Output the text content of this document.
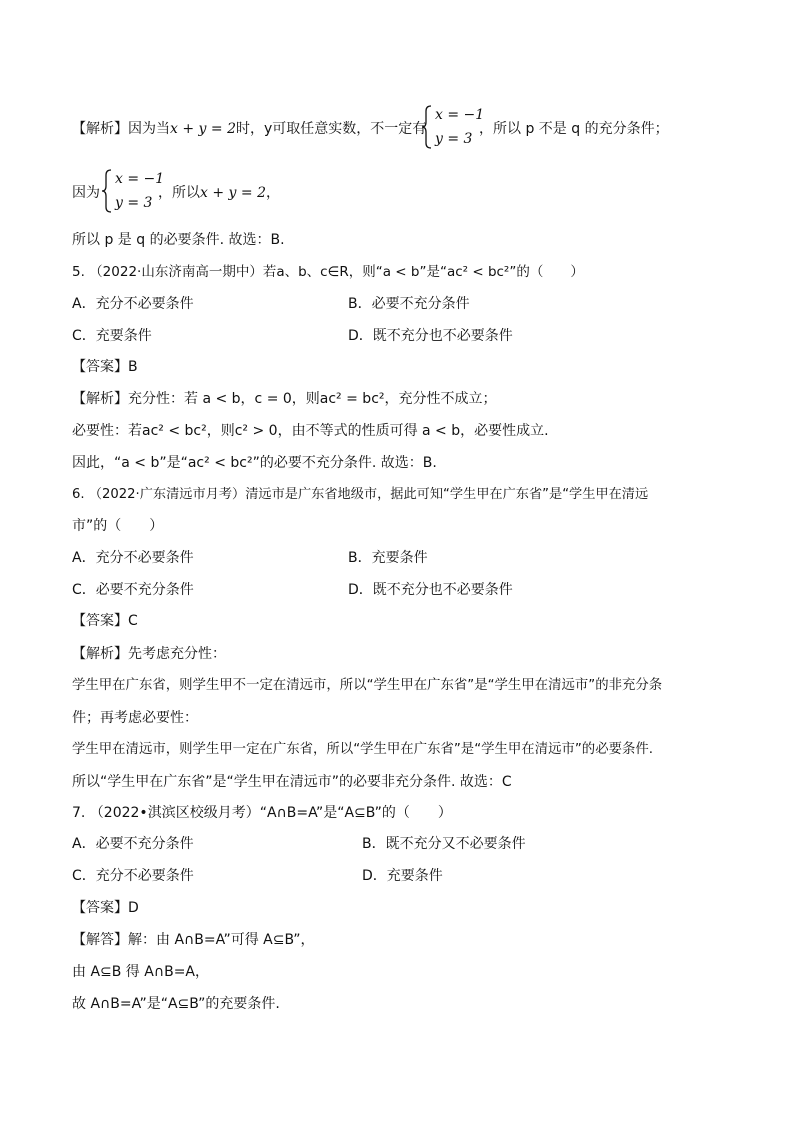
【解析】因为当x + y = 2时，y可取任意实数，不一定有
x = −1
y = 3
，所以 p 不是 q 的充分条件；
因为
x = −1
y = 3
，所以x + y = 2，
所以 p 是 q 的必要条件. 故选：B.
5. （2022·山东济南高一期中）若a、b、c∈R，则“a < b”是“ac² < bc²”的（　　）
A．充分不必要条件	B．必要不充分条件
C．充要条件	D．既不充分也不必要条件
【答案】B
【解析】充分性：若 a < b，c = 0，则ac² = bc²，充分性不成立；
必要性：若ac² < bc²，则c² > 0，由不等式的性质可得 a < b，必要性成立.
因此，“a < b”是“ac² < bc²”的必要不充分条件. 故选：B.
6. （2022·广东清远市月考）清远市是广东省地级市，据此可知“学生甲在广东省”是“学生甲在清远
市”的（　　）
A．充分不必要条件	B．充要条件
C．必要不充分条件	D．既不充分也不必要条件
【答案】C
【解析】先考虑充分性：
学生甲在广东省，则学生甲不一定在清远市，所以“学生甲在广东省”是“学生甲在清远市”的非充分条
件；再考虑必要性：
学生甲在清远市，则学生甲一定在广东省，所以“学生甲在广东省”是“学生甲在清远市”的必要条件.
所以“学生甲在广东省”是“学生甲在清远市”的必要非充分条件. 故选：C
7. （2022•淇滨区校级月考）“A∩B=A”是“A⊆B”的（　　）
A．必要不充分条件	B．既不充分又不必要条件
C．充分不必要条件	D．充要条件
【答案】D
【解答】解：由 A∩B=A”可得 A⊆B”，
由 A⊆B 得 A∩B=A，
故 A∩B=A”是“A⊆B”的充要条件.
